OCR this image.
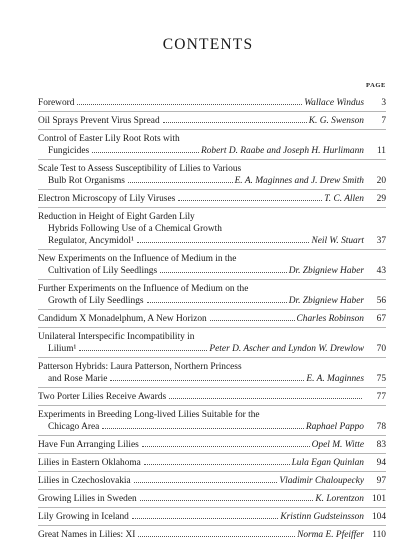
CONTENTS
PAGE
Foreword	Wallace Windus	3
Oil Sprays Prevent Virus Spread	K. G. Swenson	7
Control of Easter Lily Root Rots with
Fungicides	Robert D. Raabe and Joseph H. Hurlimann	11
Scale Test to Assess Susceptibility of Lilies to Various
Bulb Rot Organisms	E. A. Maginnes and J. Drew Smith	20
Electron Microscopy of Lily Viruses	T. C. Allen	29
Reduction in Height of Eight Garden Lily
Hybrids Following Use of a Chemical Growth
Regulator, Ancymidol¹	Neil W. Stuart	37
New Experiments on the Influence of Medium in the
Cultivation of Lily Seedlings	Dr. Zbigniew Haber	43
Further Experiments on the Influence of Medium on the
Growth of Lily Seedlings	Dr. Zbigniew Haber	56
Candidum X Monadelphum, A New Horizon	Charles Robinson	67
Unilateral Interspecific Incompatibility in
Lilium¹	Peter D. Ascher and Lyndon W. Drewlow	70
Patterson Hybrids: Laura Patterson, Northern Princess
and Rose Marie	E. A. Maginnes	75
Two Porter Lilies Receive Awards	77
Experiments in Breeding Long-lived Lilies Suitable for the
Chicago Area	Raphael Pappo	78
Have Fun Arranging Lilies	Opel M. Witte	83
Lilies in Eastern Oklahoma	Lula Egan Quinlan	94
Lilies in Czechoslovakia	Vladimir Chaloupecky	97
Growing Lilies in Sweden	K. Lorentzon 101
Lily Growing in Iceland	Kristinn Gudsteinsson 104
Great Names in Lilies: XI	Norma E. Pfeiffer 110
